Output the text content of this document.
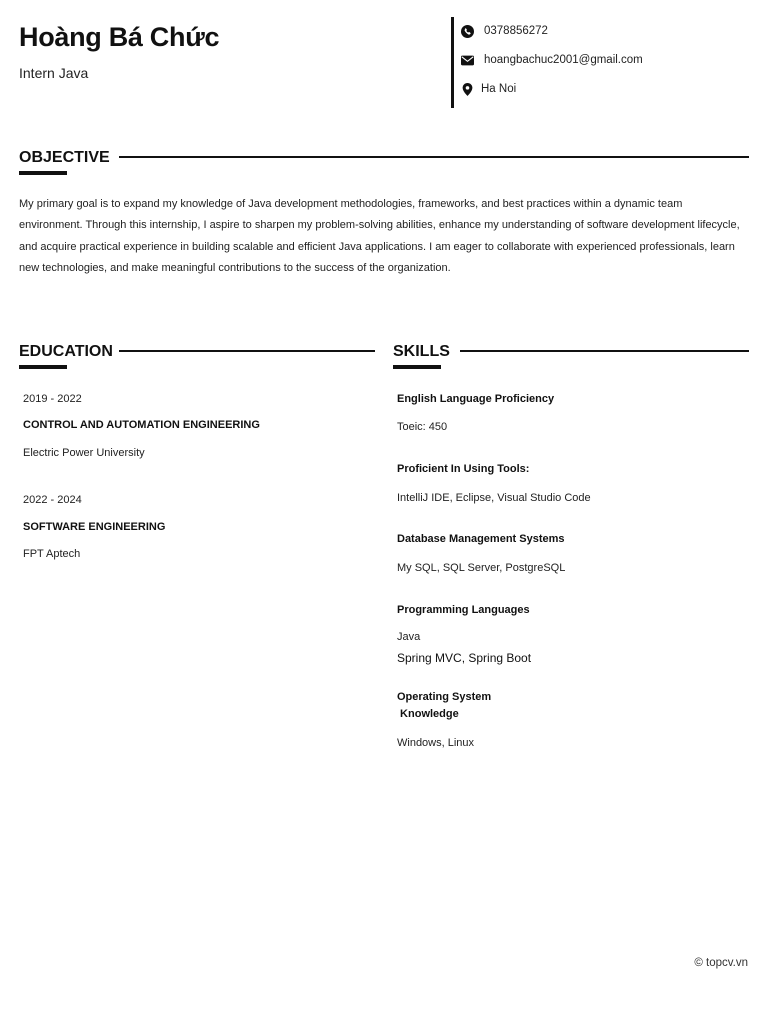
Hoàng Bá Chức
Intern Java
0378856272
hoangbachuc2001@gmail.com
Ha Noi
OBJECTIVE
My primary goal is to expand my knowledge of Java development methodologies, frameworks, and best practices within a dynamic team environment. Through this internship, I aspire to sharpen my problem-solving abilities, enhance my understanding of software development lifecycle, and acquire practical experience in building scalable and efficient Java applications. I am eager to collaborate with experienced professionals, learn new technologies, and make meaningful contributions to the success of the organization.
EDUCATION
2019 - 2022
CONTROL AND AUTOMATION ENGINEERING
Electric Power University
2022 - 2024
SOFTWARE ENGINEERING
FPT Aptech
SKILLS
English Language Proficiency
Toeic: 450
Proficient In Using Tools:
IntelliJ IDE, Eclipse, Visual Studio Code
Database Management Systems
My SQL, SQL Server, PostgreSQL
Programming Languages
Java
Spring MVC, Spring Boot
Operating System
Knowledge
Windows, Linux
© topcv.vn
